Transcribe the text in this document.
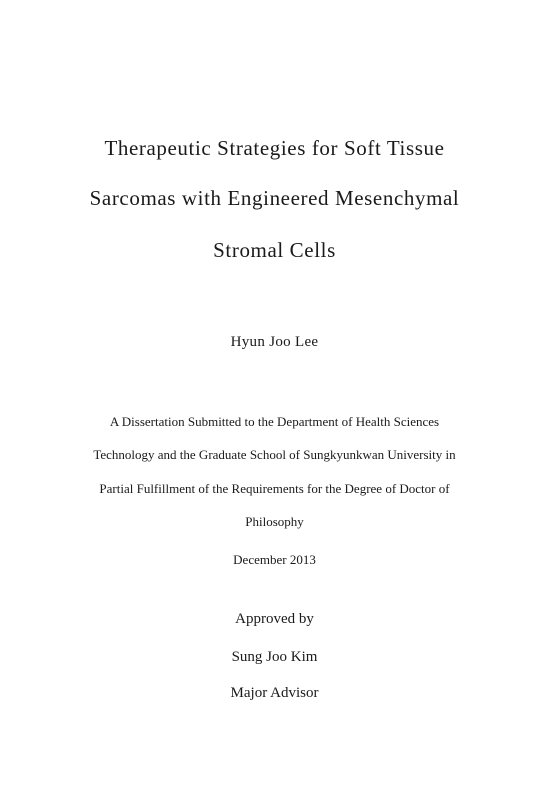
Therapeutic Strategies for Soft Tissue
Sarcomas with Engineered Mesenchymal
Stromal Cells
Hyun Joo Lee
A Dissertation Submitted to the Department of Health Sciences
Technology and the Graduate School of Sungkyunkwan University in
Partial Fulfillment of the Requirements for the Degree of Doctor of
Philosophy
December 2013
Approved by
Sung Joo Kim
Major Advisor
